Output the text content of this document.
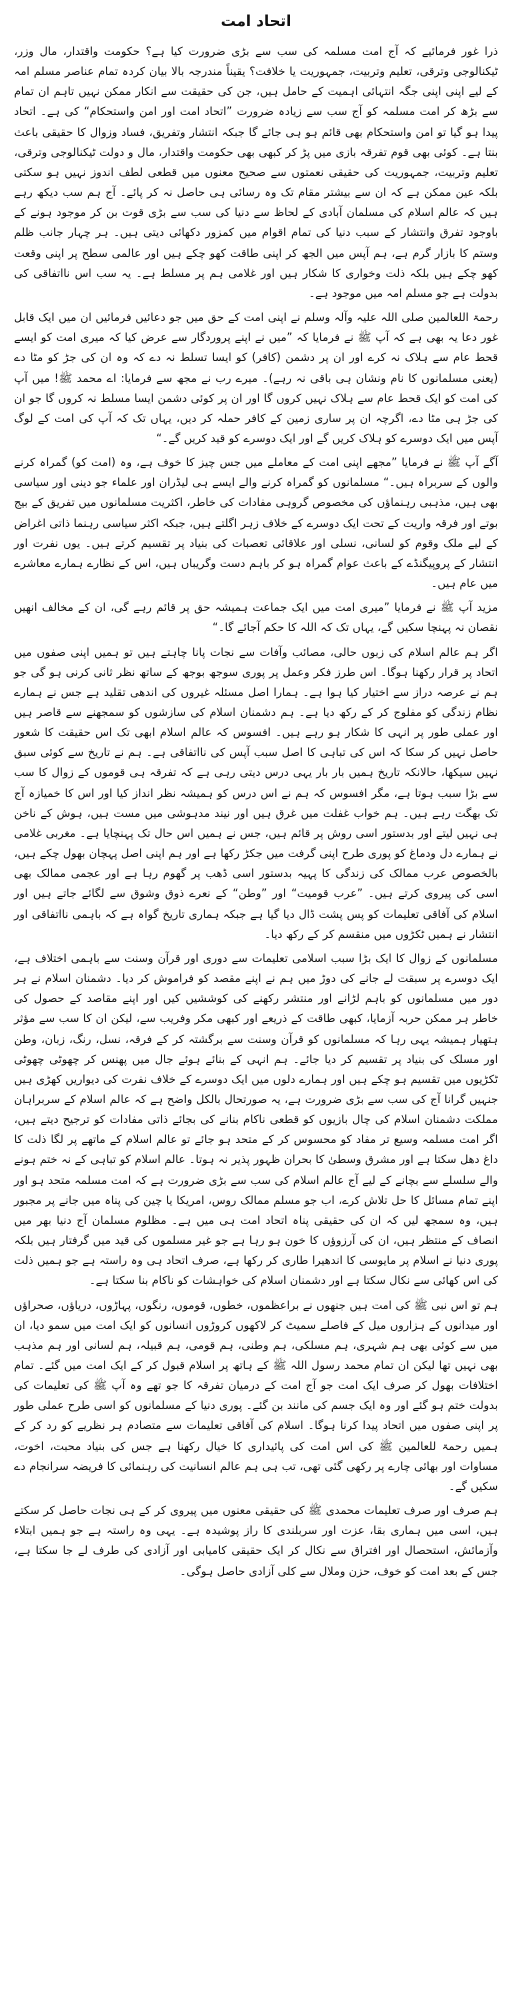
اتحاد امت

ذرا غور فرمائیے کہ آج امت مسلمہ کی سب سے بڑی ضرورت کیا ہے؟ حکومت واقتدار، مال وزر، ٹیکنالوجی وترقی، تعلیم وتربیت، جمہوریت یا خلافت؟ یقیناً مندرجہ بالا بیان کردہ تمام عناصر مسلم امہ کے لیے اپنی اپنی جگہ انتہائی اہمیت کے حامل ہیں، جن کی حقیقت سے انکار ممکن نہیں تاہم ان تمام سے بڑھ کر امت مسلمہ کو آج سب سے زیادہ ضرورت ”اتحاد امت اور امن واستحکام“ کی ہے۔ اتحاد پیدا ہو گیا تو امن واستحکام بھی قائم ہو ہی جائے گا جبکہ انتشار وتفریق، فساد وزوال کا حقیقی باعث بنتا ہے۔ کوئی بھی قوم تفرقہ بازی میں پڑ کر کبھی بھی حکومت واقتدار، مال و دولت ٹیکنالوجی وترقی، تعلیم وتربیت، جمہوریت کی حقیقی نعمتوں سے صحیح معنوں میں قطعی لطف اندوز نہیں ہو سکتی بلکہ عین ممکن ہے کہ ان سے بیشتر مقام تک وہ رسائی ہی حاصل نہ کر پائے۔ آج ہم سب دیکھ رہے ہیں کہ عالم اسلام کی مسلمان آبادی کے لحاظ سے دنیا کی سب سے بڑی قوت بن کر موجود ہونے کے باوجود تفرق وانتشار کے سبب دنیا کی تمام اقوام میں کمزور دکھائی دیتی ہیں۔ ہر چہار جانب ظلم وستم کا بازار گرم ہے، ہم آپس میں الجھ کر اپنی طاقت کھو چکے ہیں اور عالمی سطح پر اپنی وقعت کھو چکے ہیں بلکہ ذلت وخواری کا شکار ہیں اور غلامی ہم پر مسلط ہے۔ یہ سب اس نااتفاقی کی بدولت ہے جو مسلم امہ میں موجود ہے۔

رحمۃ اللعالمین صلی اللہ علیہ وآلہ وسلم نے اپنی امت کے حق میں جو دعائیں فرمائیں ان میں ایک قابل غور دعا یہ بھی ہے کہ آپ ﷺ نے فرمایا کہ ”میں نے اپنے پروردگار سے عرض کیا کہ میری امت کو ایسے قحط عام سے ہلاک نہ کرے اور ان پر دشمن (کافر) کو ایسا تسلط نہ دے کہ وہ ان کی جڑ کو مٹا دے (یعنی مسلمانوں کا نام ونشان ہی باقی نہ رہے)۔ میرے رب نے مجھ سے فرمایا: اے محمد ﷺ! میں آپ کی امت کو ایک قحط عام سے ہلاک نہیں کروں گا اور ان پر کوئی دشمن ایسا مسلط نہ کروں گا جو ان کی جڑ ہی مٹا دے، اگرچہ ان پر ساری زمین کے کافر حملہ کر دیں، یہاں تک کہ آپ کی امت کے لوگ آپس میں ایک دوسرے کو ہلاک کریں گے اور ایک دوسرے کو قید کریں گے۔“

آگے آپ ﷺ نے فرمایا ”مجھے اپنی امت کے معاملے میں جس چیز کا خوف ہے، وہ (امت کو) گمراہ کرنے والوں کے سربراہ ہیں۔“ مسلمانوں کو گمراہ کرنے والے ایسے ہی لیڈران اور علماء جو دینی اور سیاسی بھی ہیں، مذہبی رہنماؤں کی مخصوص گروہی مفادات کی خاطر، اکثریت مسلمانوں میں تفریق کے بیج بوتے اور فرقہ واریت کے تحت ایک دوسرے کے خلاف زہر اگلتے ہیں، جبکہ اکثر سیاسی رہنما ذاتی اغراض کے لیے ملک وقوم کو لسانی، نسلی اور علاقائی تعصبات کی بنیاد پر تقسیم کرتے ہیں۔ یوں نفرت اور انتشار کے پروپیگنڈے کے باعث عوام گمراہ ہو کر باہم دست وگریباں ہیں، اس کے نظارے ہمارے معاشرے میں عام ہیں۔

مزید آپ ﷺ نے فرمایا ”میری امت میں ایک جماعت ہمیشہ حق پر قائم رہے گی، ان کے مخالف انھیں نقصان نہ پہنچا سکیں گے، یہاں تک کہ اللہ کا حکم آجائے گا۔“

اگر ہم عالم اسلام کی زبوں حالی، مصائب وآفات سے نجات پانا چاہتے ہیں تو ہمیں اپنی صفوں میں اتحاد پر قرار رکھنا ہوگا۔ اس طرز فکر وعمل پر پوری سوجھ بوجھ کے ساتھ نظر ثانی کرنی ہو گی جو ہم نے عرصہ دراز سے اختیار کیا ہوا ہے۔ ہمارا اصل مسئلہ غیروں کی اندھی تقلید ہے جس نے ہمارے نظام زندگی کو مفلوج کر کے رکھ دیا ہے۔ ہم دشمنان اسلام کی سازشوں کو سمجھنے سے قاصر ہیں اور عملی طور پر انہی کا شکار ہو رہے ہیں۔ افسوس کہ عالم اسلام ابھی تک اس حقیقت کا شعور حاصل نہیں کر سکا کہ اس کی تباہی کا اصل سبب آپس کی نااتفاقی ہے۔ ہم نے تاریخ سے کوئی سبق نہیں سیکھا، حالانکہ تاریخ ہمیں بار بار یہی درس دیتی رہی ہے کہ تفرقہ ہی قوموں کے زوال کا سب سے بڑا سبب ہوتا ہے، مگر افسوس کہ ہم نے اس درس کو ہمیشہ نظر انداز کیا اور اس کا خمیازہ آج تک بھگت رہے ہیں۔ ہم خواب غفلت میں غرق ہیں اور نیند مدہوشی میں مست ہیں، ہوش کے ناخن ہی نہیں لیتے اور بدستور اسی روش پر قائم ہیں، جس نے ہمیں اس حال تک پہنچایا ہے۔ مغربی غلامی نے ہمارے دل ودماغ کو پوری طرح اپنی گرفت میں جکڑ رکھا ہے اور ہم اپنی اصل پہچان بھول چکے ہیں، بالخصوص عرب ممالک کی زندگی کا پہیہ بدستور اسی ڈھب پر گھوم رہا ہے اور عجمی ممالک بھی اسی کی پیروی کرتے ہیں۔ ”عرب قومیت“ اور ”وطن“ کے نعرے ذوق وشوق سے لگائے جاتے ہیں اور اسلام کی آفاقی تعلیمات کو پس پشت ڈال دیا گیا ہے جبکہ ہماری تاریخ گواہ ہے کہ باہمی نااتفاقی اور انتشار نے ہمیں ٹکڑوں میں منقسم کر کے رکھ دیا۔

مسلمانوں کے زوال کا ایک بڑا سبب اسلامی تعلیمات سے دوری اور قرآن وسنت سے باہمی اختلاف ہے، ایک دوسرے پر سبقت لے جانے کی دوڑ میں ہم نے اپنے مقصد کو فراموش کر دیا۔ دشمنان اسلام نے ہر دور میں مسلمانوں کو باہم لڑانے اور منتشر رکھنے کی کوششیں کیں اور اپنے مقاصد کے حصول کی خاطر ہر ممکن حربہ آزمایا، کبھی طاقت کے ذریعے اور کبھی مکر وفریب سے، لیکن ان کا سب سے مؤثر ہتھیار ہمیشہ یہی رہا کہ مسلمانوں کو قرآن وسنت سے برگشتہ کر کے فرقہ، نسل، رنگ، زبان، وطن اور مسلک کی بنیاد پر تقسیم کر دیا جائے۔ ہم انہی کے بنائے ہوئے جال میں پھنس کر چھوٹی چھوٹی ٹکڑیوں میں تقسیم ہو چکے ہیں اور ہمارے دلوں میں ایک دوسرے کے خلاف نفرت کی دیواریں کھڑی ہیں جنہیں گرانا آج کی سب سے بڑی ضرورت ہے، یہ صورتحال بالکل واضح ہے کہ عالم اسلام کے سربراہان مملکت دشمنان اسلام کی چال بازیوں کو قطعی ناکام بنانے کی بجائے ذاتی مفادات کو ترجیح دیتے ہیں، اگر امت مسلمہ وسیع تر مفاد کو محسوس کر کے متحد ہو جائے تو عالم اسلام کے ماتھے پر لگا ذلت کا داغ دھل سکتا ہے اور مشرق وسطیٰ کا بحران ظہور پذیر نہ ہوتا۔ عالم اسلام کو تباہی کے نہ ختم ہونے والے سلسلے سے بچانے کے لیے آج عالم اسلام کی سب سے بڑی ضرورت ہے کہ امت مسلمہ متحد ہو اور اپنے تمام مسائل کا حل تلاش کرے، اب جو مسلم ممالک روس، امریکا یا چین کی پناہ میں جانے پر مجبور ہیں، وہ سمجھ لیں کہ ان کی حقیقی پناہ اتحاد امت ہی میں ہے۔ مظلوم مسلمان آج دنیا بھر میں انصاف کے منتظر ہیں، ان کی آرزوؤں کا خون ہو رہا ہے جو غیر مسلموں کی قید میں گرفتار ہیں بلکہ پوری دنیا نے اسلام پر مایوسی کا اندھیرا طاری کر رکھا ہے، صرف اتحاد ہی وہ راستہ ہے جو ہمیں ذلت کی اس کھائی سے نکال سکتا ہے اور دشمنان اسلام کی خواہشات کو ناکام بنا سکتا ہے۔

ہم تو اس نبی ﷺ کی امت ہیں جنھوں نے براعظموں، خطوں، قوموں، رنگوں، پہاڑوں، دریاؤں، صحراؤں اور میدانوں کے ہزاروں میل کے فاصلے سمیٹ کر لاکھوں کروڑوں انسانوں کو ایک امت میں سمو دیا، ان میں سے کوئی بھی ہم شہری، ہم مسلکی، ہم وطنی، ہم قومی، ہم قبیلہ، ہم لسانی اور ہم مذہب بھی نہیں تھا لیکن ان تمام محمد رسول اللہ ﷺ کے ہاتھ پر اسلام قبول کر کے ایک امت میں گئے۔ تمام اختلافات بھول کر صرف ایک امت جو آج امت کے درمیان تفرقہ کا جو تھے وہ آپ ﷺ کی تعلیمات کی بدولت ختم ہو گئے اور وہ ایک جسم کی مانند بن گئے۔ پوری دنیا کے مسلمانوں کو اسی طرح عملی طور پر اپنی صفوں میں اتحاد پیدا کرنا ہوگا۔ اسلام کی آفاقی تعلیمات سے متصادم ہر نظریے کو رد کر کے ہمیں رحمۃ للعالمین ﷺ کی اس امت کی پائیداری کا خیال رکھنا ہے جس کی بنیاد محبت، اخوت، مساوات اور بھائی چارے پر رکھی گئی تھی، تب ہی ہم عالم انسانیت کی رہنمائی کا فریضہ سرانجام دے سکیں گے۔

ہم صرف اور صرف تعلیمات محمدی ﷺ کی حقیقی معنوں میں پیروی کر کے ہی نجات حاصل کر سکتے ہیں، اسی میں ہماری بقا، عزت اور سربلندی کا راز پوشیدہ ہے۔ یہی وہ راستہ ہے جو ہمیں ابتلاء وآزمائش، استحصال اور افتراق سے نکال کر ایک حقیقی کامیابی اور آزادی کی طرف لے جا سکتا ہے، جس کے بعد امت کو خوف، حزن وملال سے کلی آزادی حاصل ہوگی۔
